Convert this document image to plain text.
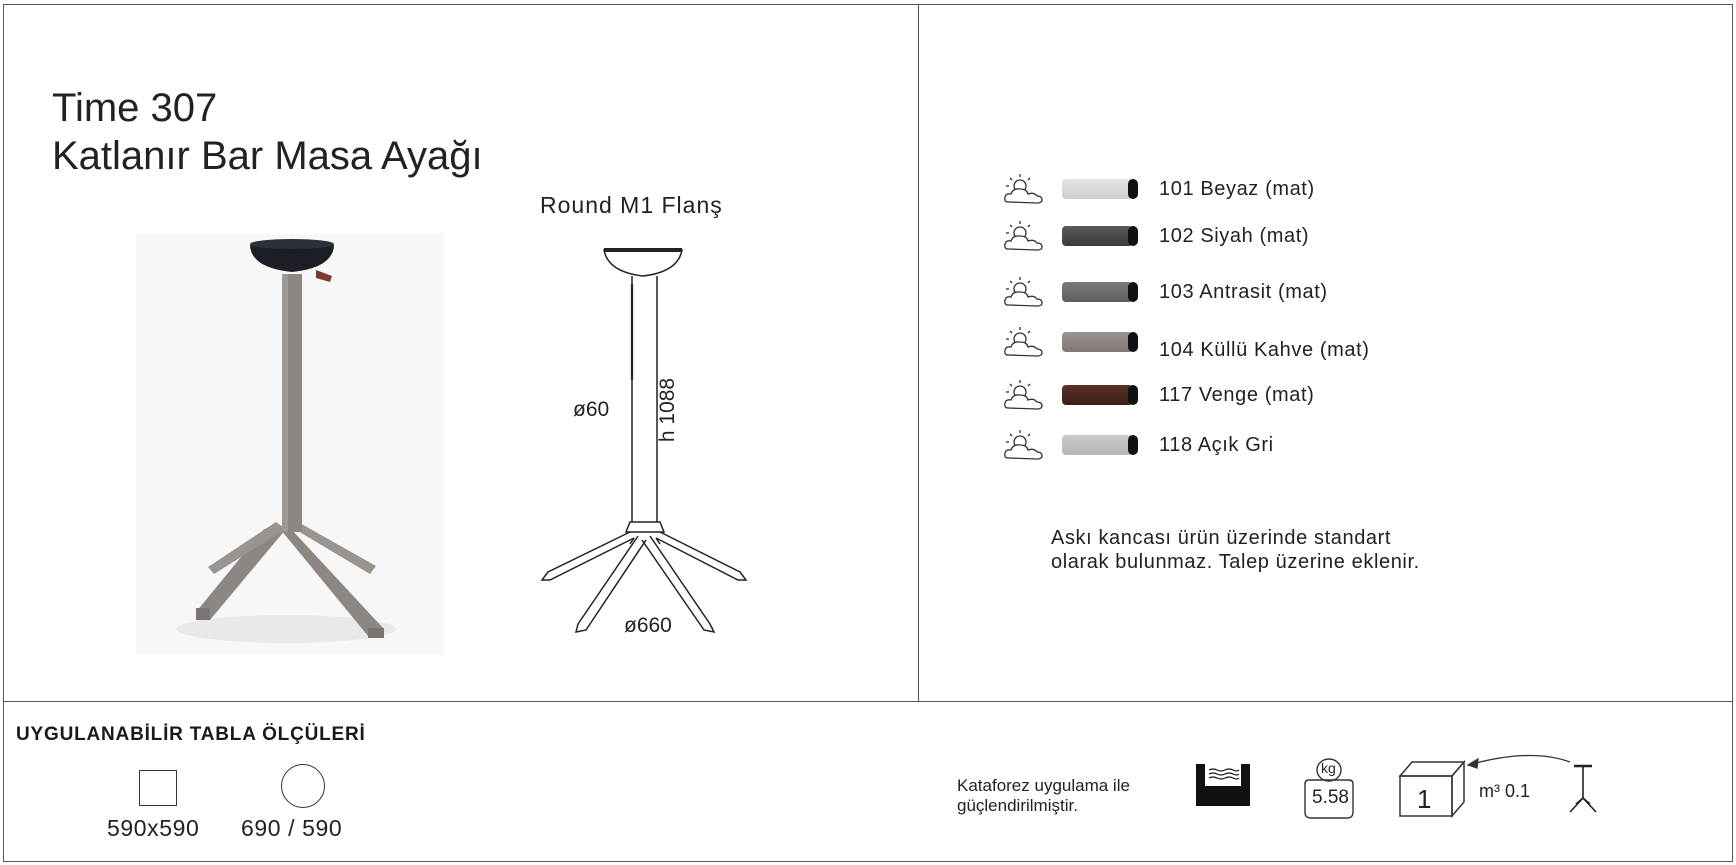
Time 307
Katlanır Bar Masa Ayağı
Round M1 Flanş
ø60 h 1088
ø660
101 Beyaz (mat)
102 Siyah (mat)
103 Antrasit (mat)
104 Küllü Kahve (mat)
117 Venge (mat)
118 Açık Gri
Askı kancası ürün üzerinde standart
olarak bulunmaz. Talep üzerine eklenir.
UYGULANABİLİR TABLA ÖLÇÜLERİ
590x590 690 / 590
Kataforez uygulama ile
güçlendirilmiştir.
kg
5.58	1	m³ 0.1
